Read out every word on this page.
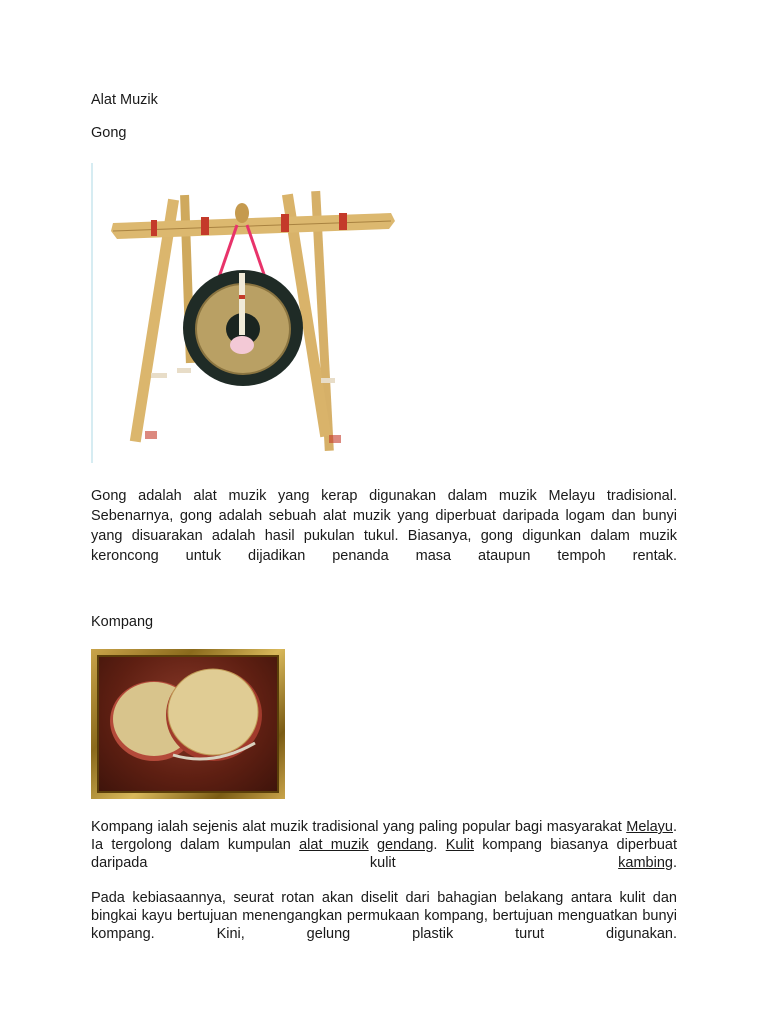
Alat Muzik

Gong

Gong adalah alat muzik yang kerap digunakan dalam muzik Melayu tradisional. Sebenarnya, gong adalah sebuah alat muzik yang diperbuat daripada logam dan bunyi yang disuarakan adalah hasil pukulan tukul. Biasanya, gong digunkan dalam muzik keroncong untuk dijadikan penanda masa ataupun tempoh rentak.

Kompang

Kompang ialah sejenis alat muzik tradisional yang paling popular bagi masyarakat Melayu. Ia tergolong dalam kumpulan alat muzik gendang. Kulit kompang biasanya diperbuat daripada kulit	kambing.

Pada kebiasaannya, seurat rotan akan diselit dari bahagian belakang antara kulit dan bingkai kayu bertujuan menengangkan permukaan kompang, bertujuan menguatkan bunyi kompang. Kini, gelung plastik turut digunakan.
